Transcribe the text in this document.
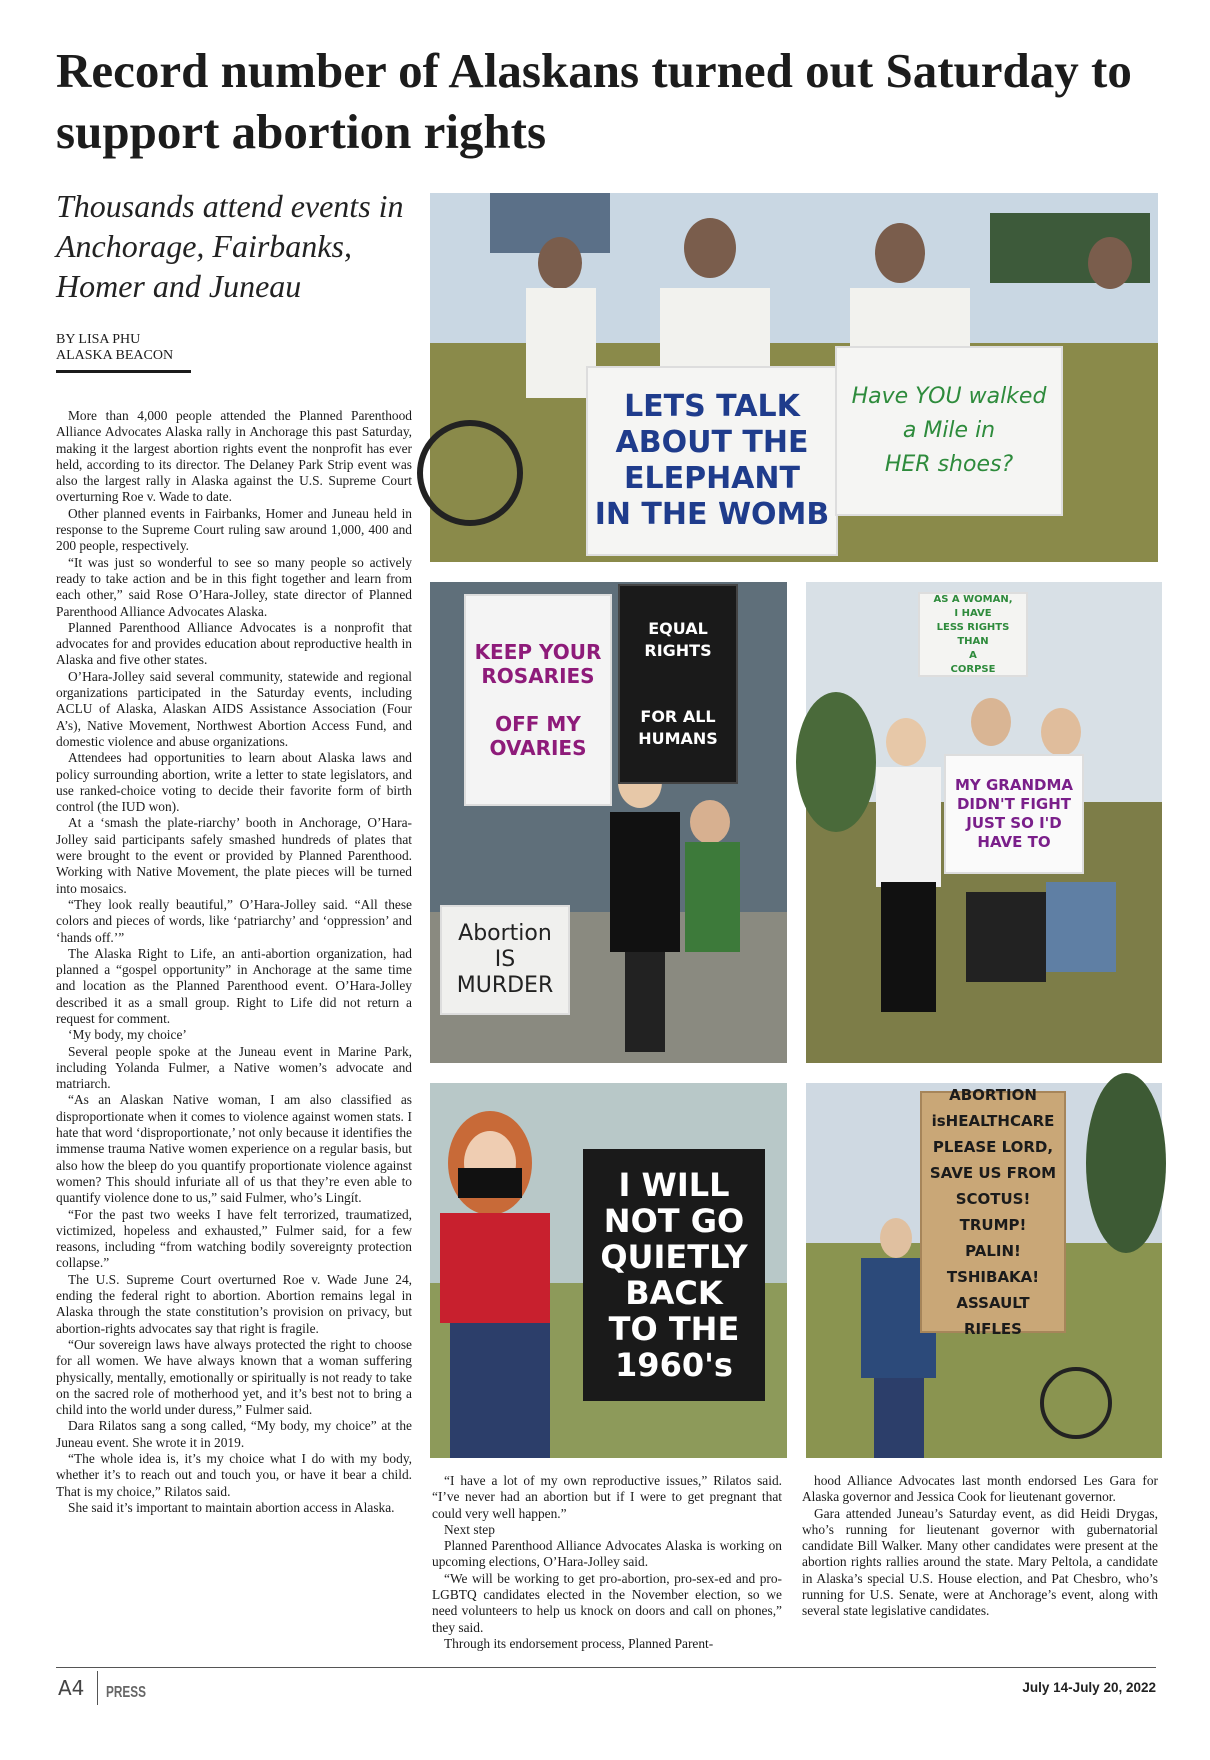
Record number of Alaskans turned out Saturday to support abortion rights
Thousands attend events in Anchorage, Fairbanks, Homer and Juneau
BY LISA PHU
ALASKA BEACON

More than 4,000 people attended the Planned Parenthood Alliance Advocates Alaska rally in Anchorage this past Saturday, making it the largest abortion rights event the nonprofit has ever held, according to its director. The Delaney Park Strip event was also the largest rally in Alaska against the U.S. Supreme Court overturning Roe v. Wade to date.

Other planned events in Fairbanks, Homer and Juneau held in response to the Supreme Court ruling saw around 1,000, 400 and 200 people, respectively.

“It was just so wonderful to see so many people so actively ready to take action and be in this fight together and learn from each other,” said Rose O’Hara-Jolley, state director of Planned Parenthood Alliance Advocates Alaska.

Planned Parenthood Alliance Advocates is a nonprofit that advocates for and provides education about reproductive health in Alaska and five other states.

O’Hara-Jolley said several community, statewide and regional organizations participated in the Saturday events, including ACLU of Alaska, Alaskan AIDS Assistance Association (Four A’s), Native Movement, Northwest Abortion Access Fund, and domestic violence and abuse organizations.

Attendees had opportunities to learn about Alaska laws and policy surrounding abortion, write a letter to state legislators, and use ranked-choice voting to decide their favorite form of birth control (the IUD won).

At a ‘smash the plate-riarchy’ booth in Anchorage, O’Hara-Jolley said participants safely smashed hundreds of plates that were brought to the event or provided by Planned Parenthood. Working with Native Movement, the plate pieces will be turned into mosaics.

“They look really beautiful,” O’Hara-Jolley said. “All these colors and pieces of words, like ‘patriarchy’ and ‘oppression’ and ‘hands off.’”

The Alaska Right to Life, an anti-abortion organization, had planned a “gospel opportunity” in Anchorage at the same time and location as the Planned Parenthood event. O’Hara-Jolley described it as a small group. Right to Life did not return a request for comment.

‘My body, my choice’

Several people spoke at the Juneau event in Marine Park, including Yolanda Fulmer, a Native women’s advocate and matriarch.

“As an Alaskan Native woman, I am also classified as disproportionate when it comes to violence against women stats. I hate that word ‘disproportionate,’ not only because it identifies the immense trauma Native women experience on a regular basis, but also how the bleep do you quantify proportionate violence against women? This should infuriate all of us that they’re even able to quantify violence done to us,” said Fulmer, who’s Lingít.

“For the past two weeks I have felt terrorized, traumatized, victimized, hopeless and exhausted,” Fulmer said, for a few reasons, including “from watching bodily sovereignty protection collapse.”

The U.S. Supreme Court overturned Roe v. Wade June 24, ending the federal right to abortion. Abortion remains legal in Alaska through the state constitution’s provision on privacy, but abortion-rights advocates say that right is fragile.

“Our sovereign laws have always protected the right to choose for all women. We have always known that a woman suffering physically, mentally, emotionally or spiritually is not ready to take on the sacred role of motherhood yet, and it’s best not to bring a child into the world under duress,” Fulmer said.

Dara Rilatos sang a song called, “My body, my choice” at the Juneau event. She wrote it in 2019.

“The whole idea is, it’s my choice what I do with my body, whether it’s to reach out and touch you, or have it bear a child. That is my choice,” Rilatos said.

She said it’s important to maintain abortion access in Alaska.

“I have a lot of my own reproductive issues,” Rilatos said. “I’ve never had an abortion but if I were to get pregnant that could very well happen.”

Next step

Planned Parenthood Alliance Advocates Alaska is working on upcoming elections, O’Hara-Jolley said.

“We will be working to get pro-abortion, pro-sex-ed and pro-LGBTQ candidates elected in the November election, so we need volunteers to help us knock on doors and call on phones,” they said.

Through its endorsement process, Planned Parent-

hood Alliance Advocates last month endorsed Les Gara for Alaska governor and Jessica Cook for lieutenant governor.

Gara attended Juneau’s Saturday event, as did Heidi Drygas, who’s running for lieutenant governor with gubernatorial candidate Bill Walker. Many other candidates were present at the abortion rights rallies around the state. Mary Peltola, a candidate in Alaska’s special U.S. House election, and Pat Chesbro, who’s running for U.S. Senate, were at Anchorage’s event, along with several state legislative candidates.

LETS TALK
ABOUT THE
ELEPHANT
IN THE WOMB
Have YOU walked
a Mile in
HER shoes?
KEEP YOUR
ROSARIES

OFF MY
OVARIES
EQUAL RIGHTS

FOR ALL
HUMANS
Abortion
IS
MURDER
AS A WOMAN,
I HAVE
LESS RIGHTS
THAN
A
CORPSE
MY GRANDMA
DIDN'T FIGHT
JUST SO I'D
HAVE TO
I WILL
NOT GO
QUIETLY
BACK
TO THE
1960's
ABORTION
isHEALTHCARE
PLEASE LORD,
SAVE US FROM
SCOTUS!
TRUMP!
PALIN!
TSHIBAKA!
ASSAULT RIFLES
A4 PRESS	July 14-July 20, 2022
